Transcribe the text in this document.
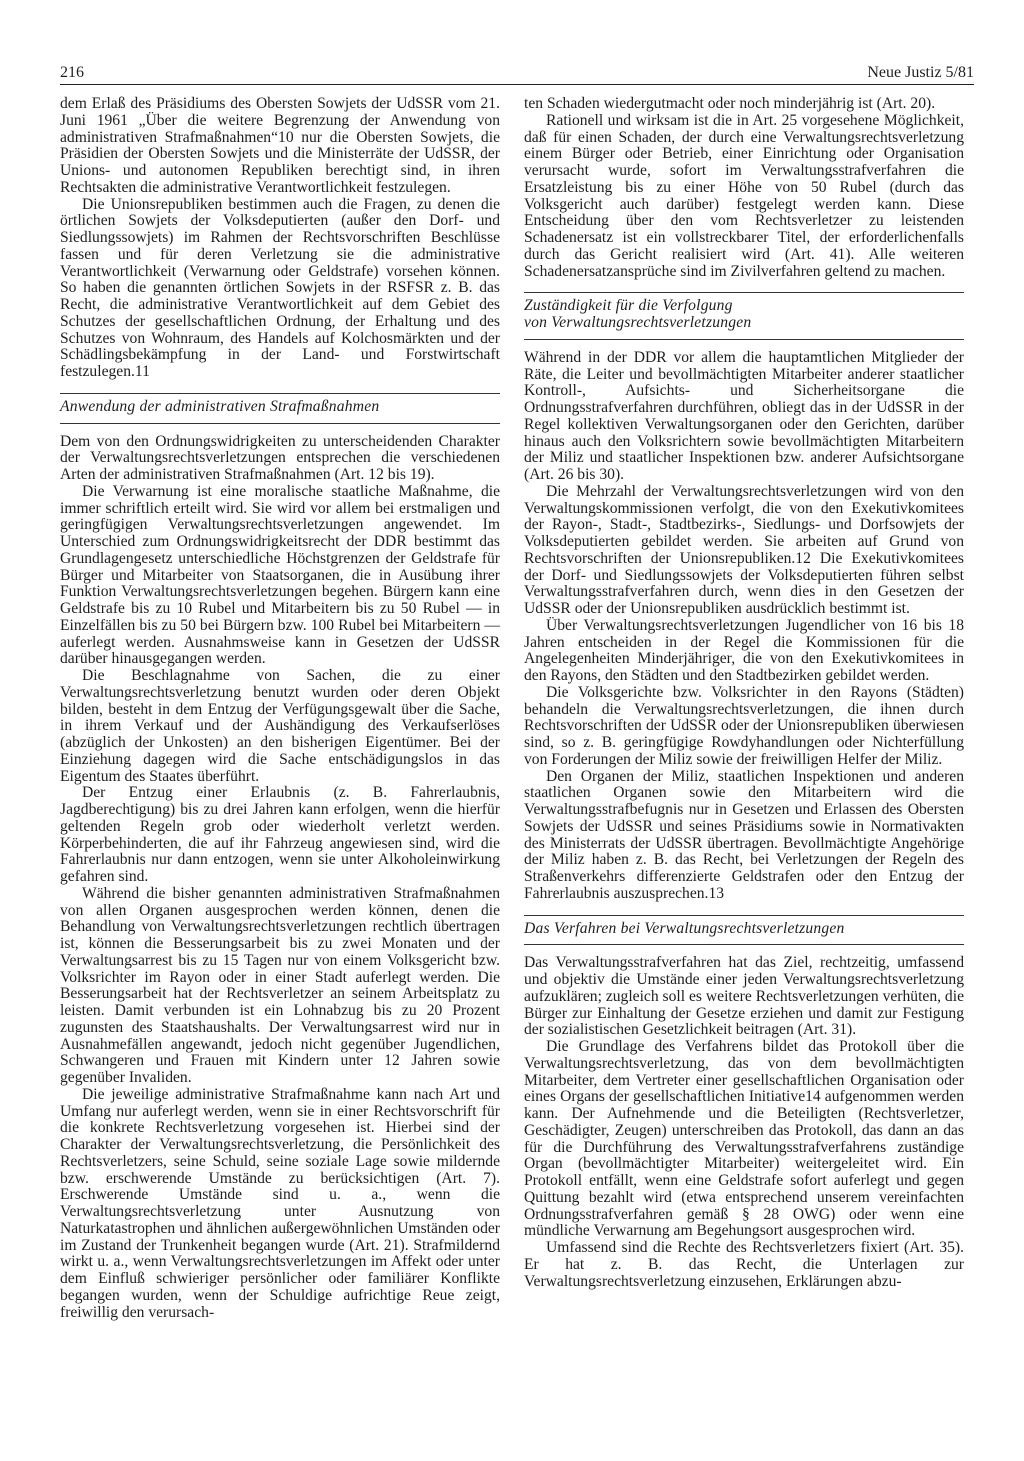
216	Neue Justiz 5/81

dem Erlaß des Präsidiums des Obersten Sowjets der UdSSR vom 21. Juni 1961 „Über die weitere Begrenzung der Anwendung von administrativen Strafmaßnahmen“10 nur die Obersten Sowjets, die Präsidien der Obersten Sowjets und die Ministerräte der UdSSR, der Unions- und autonomen Republiken berechtigt sind, in ihren Rechtsakten die administrative Verantwortlichkeit festzulegen.

Die Unionsrepubliken bestimmen auch die Fragen, zu denen die örtlichen Sowjets der Volksdeputierten (außer den Dorf- und Siedlungssowjets) im Rahmen der Rechtsvorschriften Beschlüsse fassen und für deren Verletzung sie die administrative Verantwortlichkeit (Verwarnung oder Geldstrafe) vorsehen können. So haben die genannten örtlichen Sowjets in der RSFSR z. B. das Recht, die administrative Verantwortlichkeit auf dem Gebiet des Schutzes der gesellschaftlichen Ordnung, der Erhaltung und des Schutzes von Wohnraum, des Handels auf Kolchosmärkten und der Schädlingsbekämpfung in der Land- und Forstwirtschaft festzulegen.11

Anwendung der administrativen Strafmaßnahmen

Dem von den Ordnungswidrigkeiten zu unterscheidenden Charakter der Verwaltungsrechtsverletzungen entsprechen die verschiedenen Arten der administrativen Strafmaßnahmen (Art. 12 bis 19).

Die Verwarnung ist eine moralische staatliche Maßnahme, die immer schriftlich erteilt wird. Sie wird vor allem bei erstmaligen und geringfügigen Verwaltungsrechtsverletzungen angewendet. Im Unterschied zum Ordnungswidrigkeitsrecht der DDR bestimmt das Grundlagengesetz unterschiedliche Höchstgrenzen der Geldstrafe für Bürger und Mitarbeiter von Staatsorganen, die in Ausübung ihrer Funktion Verwaltungsrechtsverletzungen begehen. Bürgern kann eine Geldstrafe bis zu 10 Rubel und Mitarbeitern bis zu 50 Rubel — in Einzelfällen bis zu 50 bei Bürgern bzw. 100 Rubel bei Mitarbeitern — auferlegt werden. Ausnahmsweise kann in Gesetzen der UdSSR darüber hinausgegangen werden.

Die Beschlagnahme von Sachen, die zu einer Verwaltungsrechtsverletzung benutzt wurden oder deren Objekt bilden, besteht in dem Entzug der Verfügungsgewalt über die Sache, in ihrem Verkauf und der Aushändigung des Verkaufserlöses (abzüglich der Unkosten) an den bisherigen Eigentümer. Bei der Einziehung dagegen wird die Sache entschädigungslos in das Eigentum des Staates überführt.

Der Entzug einer Erlaubnis (z. B. Fahrerlaubnis, Jagdberechtigung) bis zu drei Jahren kann erfolgen, wenn die hierfür geltenden Regeln grob oder wiederholt verletzt werden. Körperbehinderten, die auf ihr Fahrzeug angewiesen sind, wird die Fahrerlaubnis nur dann entzogen, wenn sie unter Alkoholeinwirkung gefahren sind.

Während die bisher genannten administrativen Strafmaßnahmen von allen Organen ausgesprochen werden können, denen die Behandlung von Verwaltungsrechtsverletzungen rechtlich übertragen ist, können die Besserungsarbeit bis zu zwei Monaten und der Verwaltungsarrest bis zu 15 Tagen nur von einem Volksgericht bzw. Volksrichter im Rayon oder in einer Stadt auferlegt werden. Die Besserungsarbeit hat der Rechtsverletzer an seinem Arbeitsplatz zu leisten. Damit verbunden ist ein Lohnabzug bis zu 20 Prozent zugunsten des Staatshaushalts. Der Verwaltungsarrest wird nur in Ausnahmefällen angewandt, jedoch nicht gegenüber Jugendlichen, Schwangeren und Frauen mit Kindern unter 12 Jahren sowie gegenüber Invaliden.

Die jeweilige administrative Strafmaßnahme kann nach Art und Umfang nur auferlegt werden, wenn sie in einer Rechtsvorschrift für die konkrete Rechtsverletzung vorgesehen ist. Hierbei sind der Charakter der Verwaltungsrechtsverletzung, die Persönlichkeit des Rechtsverletzers, seine Schuld, seine soziale Lage sowie mildernde bzw. erschwerende Umstände zu berücksichtigen (Art. 7). Erschwerende Umstände sind u. a., wenn die Verwaltungsrechtsverletzung unter Ausnutzung von Naturkatastrophen und ähnlichen außergewöhnlichen Umständen oder im Zustand der Trunkenheit begangen wurde (Art. 21). Strafmildernd wirkt u. a., wenn Verwaltungsrechtsverletzungen im Affekt oder unter dem Einfluß schwieriger persönlicher oder familiärer Konflikte begangen wurden, wenn der Schuldige aufrichtige Reue zeigt, freiwillig den verursach-

ten Schaden wiedergutmacht oder noch minderjährig ist (Art. 20).

Rationell und wirksam ist die in Art. 25 vorgesehene Möglichkeit, daß für einen Schaden, der durch eine Verwaltungsrechtsverletzung einem Bürger oder Betrieb, einer Einrichtung oder Organisation verursacht wurde, sofort im Verwaltungsstrafverfahren die Ersatzleistung bis zu einer Höhe von 50 Rubel (durch das Volksgericht auch darüber) festgelegt werden kann. Diese Entscheidung über den vom Rechtsverletzer zu leistenden Schadenersatz ist ein vollstreckbarer Titel, der erforderlichenfalls durch das Gericht realisiert wird (Art. 41). Alle weiteren Schadenersatzansprüche sind im Zivilverfahren geltend zu machen.

Zuständigkeit für die Verfolgung
von Verwaltungsrechtsverletzungen

Während in der DDR vor allem die hauptamtlichen Mitglieder der Räte, die Leiter und bevollmächtigten Mitarbeiter anderer staatlicher Kontroll-, Aufsichts- und Sicherheitsorgane die Ordnungsstrafverfahren durchführen, obliegt das in der UdSSR in der Regel kollektiven Verwaltungsorganen oder den Gerichten, darüber hinaus auch den Volksrichtern sowie bevollmächtigten Mitarbeitern der Miliz und staatlicher Inspektionen bzw. anderer Aufsichtsorgane (Art. 26 bis 30).

Die Mehrzahl der Verwaltungsrechtsverletzungen wird von den Verwaltungskommissionen verfolgt, die von den Exekutivkomitees der Rayon-, Stadt-, Stadtbezirks-, Siedlungs- und Dorfsowjets der Volksdeputierten gebildet werden. Sie arbeiten auf Grund von Rechtsvorschriften der Unionsrepubliken.12 Die Exekutivkomitees der Dorf- und Siedlungssowjets der Volksdeputierten führen selbst Verwaltungsstrafverfahren durch, wenn dies in den Gesetzen der UdSSR oder der Unionsrepubliken ausdrücklich bestimmt ist.

Über Verwaltungsrechtsverletzungen Jugendlicher von 16 bis 18 Jahren entscheiden in der Regel die Kommissionen für die Angelegenheiten Minderjähriger, die von den Exekutivkomitees in den Rayons, den Städten und den Stadtbezirken gebildet werden.

Die Volksgerichte bzw. Volksrichter in den Rayons (Städten) behandeln die Verwaltungsrechtsverletzungen, die ihnen durch Rechtsvorschriften der UdSSR oder der Unionsrepubliken überwiesen sind, so z. B. geringfügige Rowdyhandlungen oder Nichterfüllung von Forderungen der Miliz sowie der freiwilligen Helfer der Miliz.

Den Organen der Miliz, staatlichen Inspektionen und anderen staatlichen Organen sowie den Mitarbeitern wird die Verwaltungsstrafbefugnis nur in Gesetzen und Erlassen des Obersten Sowjets der UdSSR und seines Präsidiums sowie in Normativakten des Ministerrats der UdSSR übertragen. Bevollmächtigte Angehörige der Miliz haben z. B. das Recht, bei Verletzungen der Regeln des Straßenverkehrs differenzierte Geldstrafen oder den Entzug der Fahrerlaubnis auszusprechen.13

Das Verfahren bei Verwaltungsrechtsverletzungen

Das Verwaltungsstrafverfahren hat das Ziel, rechtzeitig, umfassend und objektiv die Umstände einer jeden Verwaltungsrechtsverletzung aufzuklären; zugleich soll es weitere Rechtsverletzungen verhüten, die Bürger zur Einhaltung der Gesetze erziehen und damit zur Festigung der sozialistischen Gesetzlichkeit beitragen (Art. 31).

Die Grundlage des Verfahrens bildet das Protokoll über die Verwaltungsrechtsverletzung, das von dem bevollmächtigten Mitarbeiter, dem Vertreter einer gesellschaftlichen Organisation oder eines Organs der gesellschaftlichen Initiative14 aufgenommen werden kann. Der Aufnehmende und die Beteiligten (Rechtsverletzer, Geschädigter, Zeugen) unterschreiben das Protokoll, das dann an das für die Durchführung des Verwaltungsstrafverfahrens zuständige Organ (bevollmächtigter Mitarbeiter) weitergeleitet wird. Ein Protokoll entfällt, wenn eine Geldstrafe sofort auferlegt und gegen Quittung bezahlt wird (etwa entsprechend unserem vereinfachten Ordnungsstrafverfahren gemäß § 28 OWG) oder wenn eine mündliche Verwarnung am Begehungsort ausgesprochen wird.

Umfassend sind die Rechte des Rechtsverletzers fixiert (Art. 35). Er hat z. B. das Recht, die Unterlagen zur Verwaltungsrechtsverletzung einzusehen, Erklärungen abzu-
